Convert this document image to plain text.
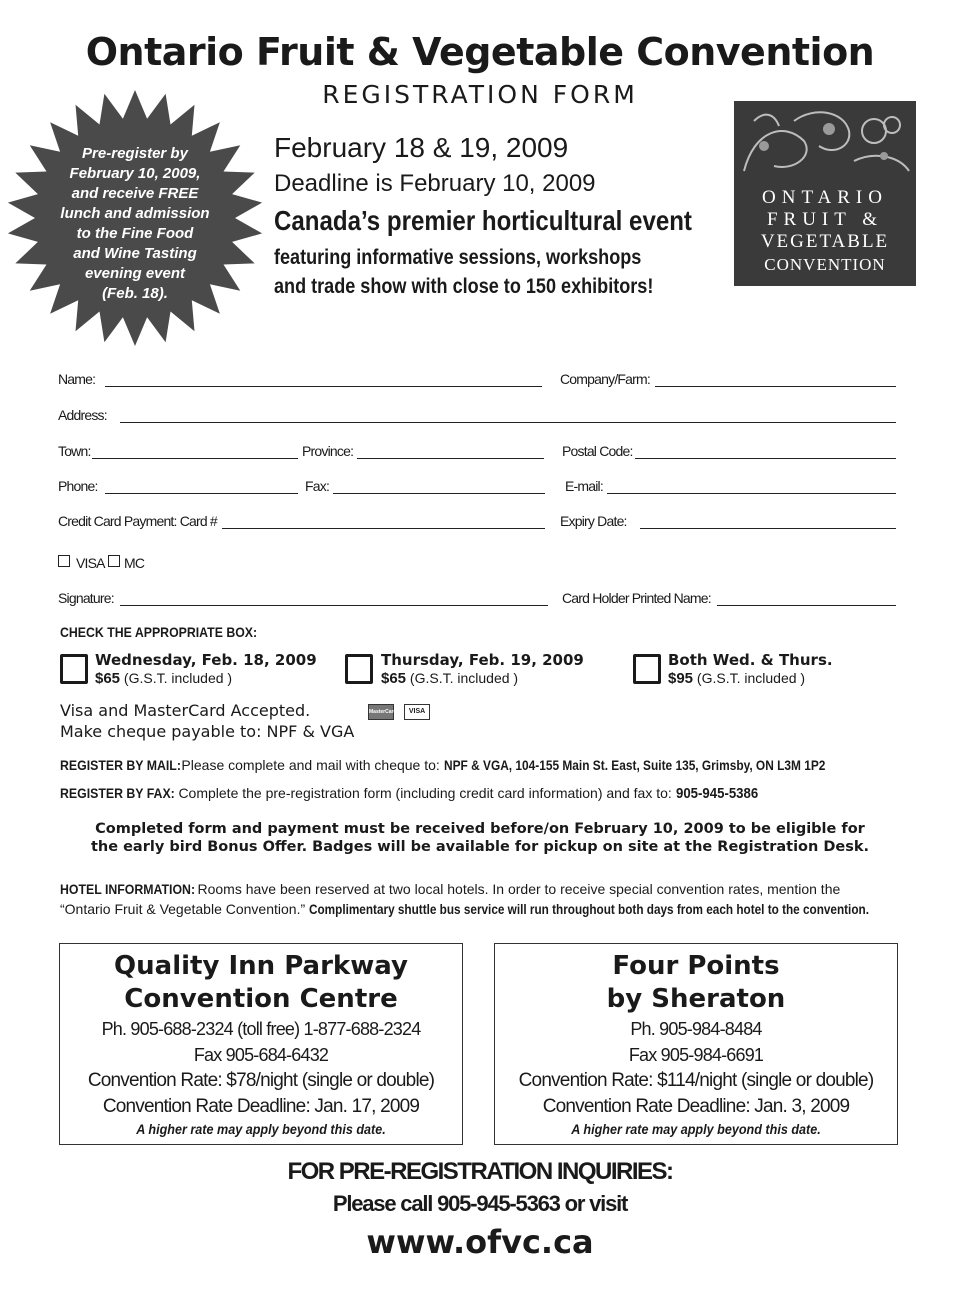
Ontario Fruit & Vegetable Convention
REGISTRATION FORM
Pre-register by
February 10, 2009,
and receive FREE
lunch and admission
to the Fine Food
and Wine Tasting
evening event
(Feb. 18).
February 18 & 19, 2009
Deadline is February 10, 2009
Canada’s premier horticultural event
featuring informative sessions, workshops
and trade show with close to 150 exhibitors!
ONTARIO
FRUIT &
VEGETABLE
CONVENTION
Name:	Company/Farm:
Address:
Town:	Province:	Postal Code:
Phone:	Fax:	E-mail:
Credit Card Payment: Card #	Expiry Date:
VISA MC
Signature:	Card Holder Printed Name:
CHECK THE APPROPRIATE BOX:
Wednesday, Feb. 18, 2009
$65 (G.S.T. included )
Thursday, Feb. 19, 2009
$65 (G.S.T. included )
Both Wed. & Thurs.
$95 (G.S.T. included )
Visa and MasterCard Accepted.
Make cheque payable to: NPF & VGA
MasterCard	VISA
REGISTER BY MAIL:Please complete and mail with cheque to: NPF & VGA, 104-155 Main St. East, Suite 135, Grimsby, ON L3M 1P2
REGISTER BY FAX: Complete the pre-registration form (including credit card information) and fax to: 905-945-5386
Completed form and payment must be received before/on February 10, 2009 to be eligible for
the early bird Bonus Offer. Badges will be available for pickup on site at the Registration Desk.
HOTEL INFORMATION: Rooms have been reserved at two local hotels. In order to receive special convention rates, mention the
“Ontario Fruit & Vegetable Convention.” Complimentary shuttle bus service will run throughout both days from each hotel to the convention.
Quality Inn Parkway
Convention Centre
Ph. 905-688-2324 (toll free) 1-877-688-2324
Fax 905-684-6432
Convention Rate: $78/night (single or double)
Convention Rate Deadline: Jan. 17, 2009
A higher rate may apply beyond this date.
Four Points
by Sheraton
Ph. 905-984-8484
Fax 905-984-6691
Convention Rate: $114/night (single or double)
Convention Rate Deadline: Jan. 3, 2009
A higher rate may apply beyond this date.
FOR PRE-REGISTRATION INQUIRIES:
Please call 905-945-5363 or visit
www.ofvc.ca
